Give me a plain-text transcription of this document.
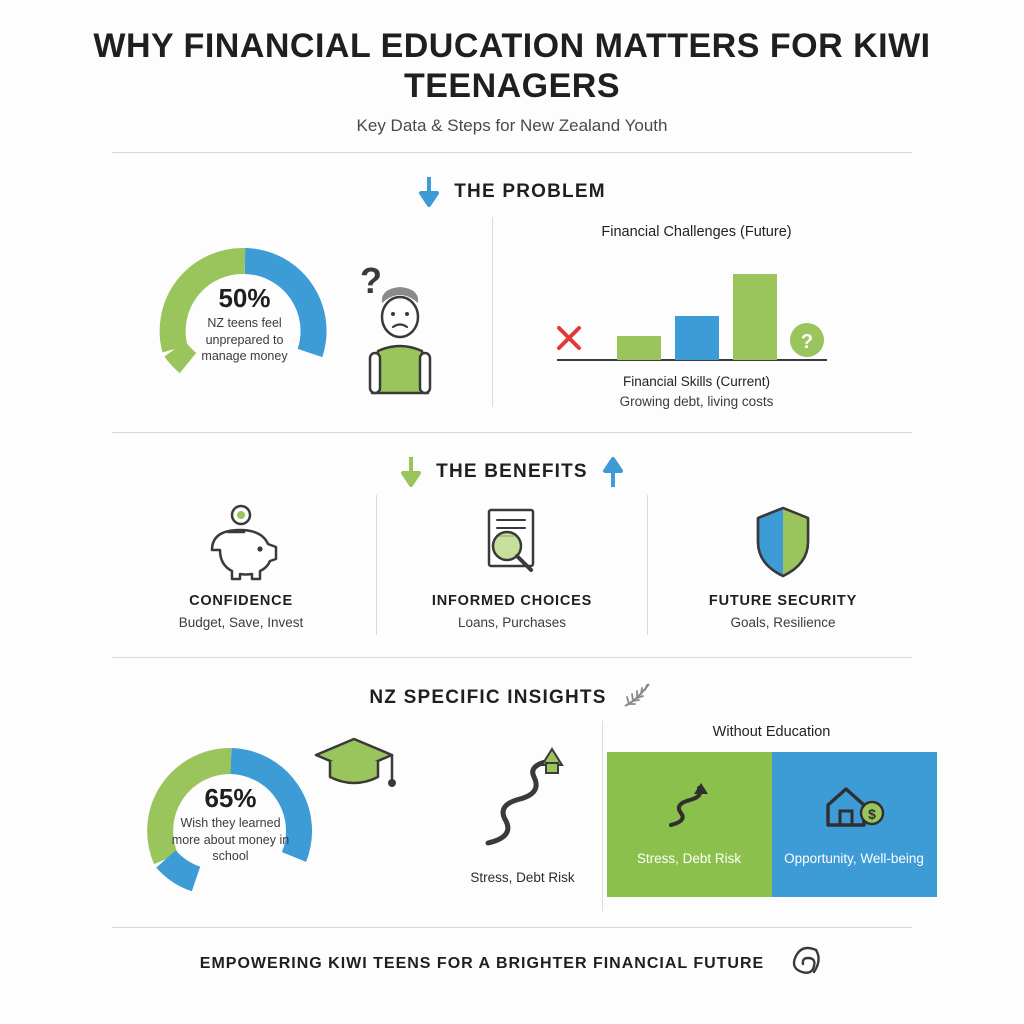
WHY FINANCIAL EDUCATION MATTERS FOR KIWI TEENAGERS
Key Data & Steps for New Zealand Youth
THE PROBLEM
50%
NZ teens feel unprepared to manage money
?
Financial Challenges (Future)
?
Financial Skills (Current)
Growing debt, living costs
THE BENEFITS
CONFIDENCE
Budget, Save, Invest
INFORMED CHOICES
Loans, Purchases
FUTURE SECURITY
Goals, Resilience
NZ SPECIFIC INSIGHTS
65%
Wish they learned more about money in school
Stress, Debt Risk
Without Education
Stress, Debt Risk
$
Opportunity, Well-being
EMPOWERING KIWI TEENS FOR A BRIGHTER FINANCIAL FUTURE
